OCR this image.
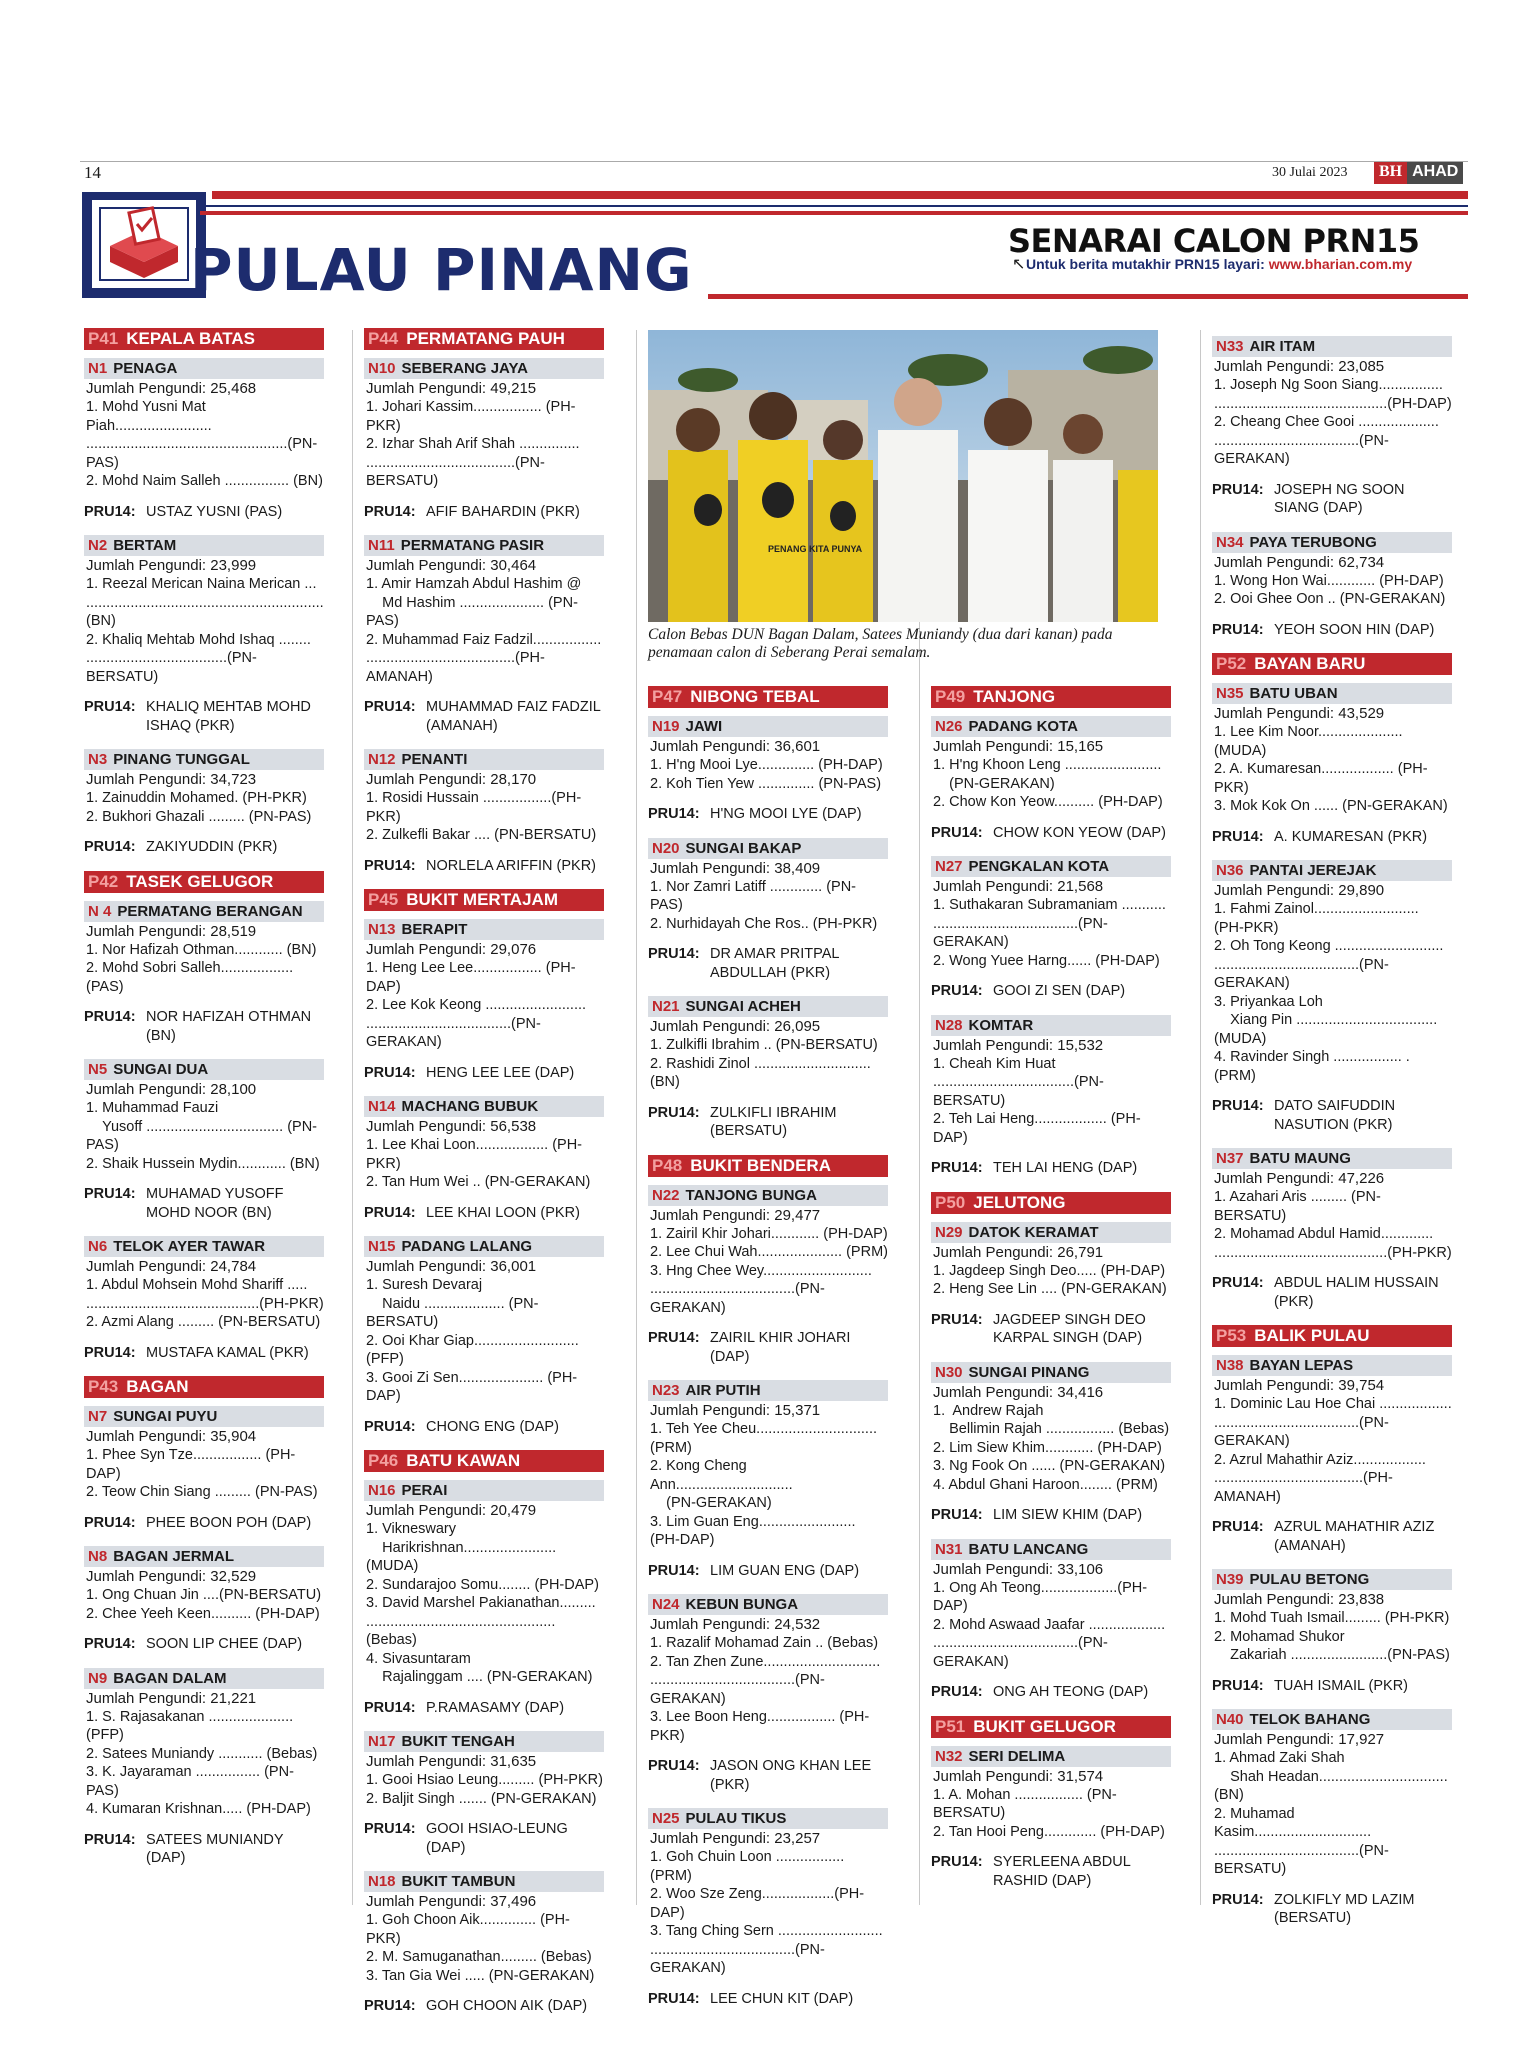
14	30 Julai 2023	BH AHAD
PULAU PINANG	SENARAI CALON PRN15
↖ Untuk berita mutakhir PRN15 layari: www.bharian.com.my
PENANG KITA PUNYA
Calon Bebas DUN Bagan Dalam, Satees Muniandy (dua dari kanan) pada penamaan calon di Seberang Perai semalam.
P41 KEPALA BATAS
N1 PENAGA
Jumlah Pengundi: 25,468
1. Mohd Yusni Mat Piah........................
..................................................(PN-PAS)
2. Mohd Naim Salleh ................ (BN)
PRU14: USTAZ YUSNI (PAS)
N2 BERTAM
Jumlah Pengundi: 23,999
1. Reezal Merican Naina Merican ...
...........................................................(BN)
2. Khaliq Mehtab Mohd Ishaq ........
...................................(PN-BERSATU)
PRU14: KHALIQ MEHTAB MOHD ISHAQ (PKR)
N3 PINANG TUNGGAL
Jumlah Pengundi: 34,723
1. Zainuddin Mohamed. (PH-PKR)
2. Bukhori Ghazali ......... (PN-PAS)
PRU14: ZAKIYUDDIN (PKR)
P42 TASEK GELUGOR
N 4 PERMATANG BERANGAN
Jumlah Pengundi: 28,519
1. Nor Hafizah Othman............ (BN)
2. Mohd Sobri Salleh..................(PAS)
PRU14: NOR HAFIZAH OTHMAN (BN)
N5 SUNGAI DUA
Jumlah Pengundi: 28,100
1. Muhammad Fauzi
Yusoff .................................. (PN-PAS)
2. Shaik Hussein Mydin............ (BN)
PRU14: MUHAMAD YUSOFF MOHD NOOR (BN)
N6 TELOK AYER TAWAR
Jumlah Pengundi: 24,784
1. Abdul Mohsein Mohd Shariff .....
...........................................(PH-PKR)
2. Azmi Alang ......... (PN-BERSATU)
PRU14: MUSTAFA KAMAL (PKR)
P43 BAGAN
N7 SUNGAI PUYU
Jumlah Pengundi: 35,904
1. Phee Syn Tze................. (PH-DAP)
2. Teow Chin Siang ......... (PN-PAS)
PRU14: PHEE BOON POH (DAP)
N8 BAGAN JERMAL
Jumlah Pengundi: 32,529
1. Ong Chuan Jin ....(PN-BERSATU)
2. Chee Yeeh Keen.......... (PH-DAP)
PRU14: SOON LIP CHEE (DAP)
N9 BAGAN DALAM
Jumlah Pengundi: 21,221
1. S. Rajasakanan ..................... (PFP)
2. Satees Muniandy ........... (Bebas)
3. K. Jayaraman ................ (PN-PAS)
4. Kumaran Krishnan..... (PH-DAP)
PRU14: SATEES MUNIANDY (DAP)
P44 PERMATANG PAUH
N10 SEBERANG JAYA
Jumlah Pengundi: 49,215
1. Johari Kassim................. (PH-PKR)
2. Izhar Shah Arif Shah ...............
.....................................(PN-BERSATU)
PRU14: AFIF BAHARDIN (PKR)
N11 PERMATANG PASIR
Jumlah Pengundi: 30,464
1. Amir Hamzah Abdul Hashim @
Md Hashim ..................... (PN-PAS)
2. Muhammad Faiz Fadzil.................
.....................................(PH-AMANAH)
PRU14: MUHAMMAD FAIZ FADZIL (AMANAH)
N12 PENANTI
Jumlah Pengundi: 28,170
1. Rosidi Hussain .................(PH-PKR)
2. Zulkefli Bakar .... (PN-BERSATU)
PRU14: NORLELA ARIFFIN (PKR)
P45 BUKIT MERTAJAM
N13 BERAPIT
Jumlah Pengundi: 29,076
1. Heng Lee Lee................. (PH-DAP)
2. Lee Kok Keong .........................
....................................(PN-GERAKAN)
PRU14: HENG LEE LEE (DAP)
N14 MACHANG BUBUK
Jumlah Pengundi: 56,538
1. Lee Khai Loon.................. (PH-PKR)
2. Tan Hum Wei .. (PN-GERAKAN)
PRU14: LEE KHAI LOON (PKR)
N15 PADANG LALANG
Jumlah Pengundi: 36,001
1. Suresh Devaraj
Naidu .................... (PN-BERSATU)
2. Ooi Khar Giap.......................... (PFP)
3. Gooi Zi Sen..................... (PH-DAP)
PRU14: CHONG ENG (DAP)
P46 BATU KAWAN
N16 PERAI
Jumlah Pengundi: 20,479
1. Vikneswary
Harikrishnan....................... (MUDA)
2. Sundarajoo Somu........ (PH-DAP)
3. David Marshel Pakianathan.........
...............................................(Bebas)
4. Sivasuntaram
Rajalinggam .... (PN-GERAKAN)
PRU14: P.RAMASAMY (DAP)
N17 BUKIT TENGAH
Jumlah Pengundi: 31,635
1. Gooi Hsiao Leung......... (PH-PKR)
2. Baljit Singh ....... (PN-GERAKAN)
PRU14: GOOI HSIAO-LEUNG (DAP)
N18 BUKIT TAMBUN
Jumlah Pengundi: 37,496
1. Goh Choon Aik.............. (PH-PKR)
2. M. Samuganathan......... (Bebas)
3. Tan Gia Wei ..... (PN-GERAKAN)
PRU14: GOH CHOON AIK (DAP)
P47 NIBONG TEBAL
N19 JAWI
Jumlah Pengundi: 36,601
1. H'ng Mooi Lye.............. (PH-DAP)
2. Koh Tien Yew .............. (PN-PAS)
PRU14: H'NG MOOI LYE (DAP)
N20 SUNGAI BAKAP
Jumlah Pengundi: 38,409
1. Nor Zamri Latiff ............. (PN-PAS)
2. Nurhidayah Che Ros.. (PH-PKR)
PRU14: DR AMAR PRITPAL ABDULLAH (PKR)
N21 SUNGAI ACHEH
Jumlah Pengundi: 26,095
1. Zulkifli Ibrahim .. (PN-BERSATU)
2. Rashidi Zinol ............................. (BN)
PRU14: ZULKIFLI IBRAHIM (BERSATU)
P48 BUKIT BENDERA
N22 TANJONG BUNGA
Jumlah Pengundi: 29,477
1. Zairil Khir Johari............ (PH-DAP)
2. Lee Chui Wah..................... (PRM)
3. Hng Chee Wey...........................
....................................(PN-GERAKAN)
PRU14: ZAIRIL KHIR JOHARI (DAP)
N23 AIR PUTIH
Jumlah Pengundi: 15,371
1. Teh Yee Cheu.............................. (PRM)
2. Kong Cheng Ann.............................
(PN-GERAKAN)
3. Lim Guan Eng........................ (PH-DAP)
PRU14: LIM GUAN ENG (DAP)
N24 KEBUN BUNGA
Jumlah Pengundi: 24,532
1. Razalif Mohamad Zain .. (Bebas)
2. Tan Zhen Zune.............................
....................................(PN-GERAKAN)
3. Lee Boon Heng................. (PH-PKR)
PRU14: JASON ONG KHAN LEE (PKR)
N25 PULAU TIKUS
Jumlah Pengundi: 23,257
1. Goh Chuin Loon ................. (PRM)
2. Woo Sze Zeng..................(PH-DAP)
3. Tang Ching Sern ..........................
....................................(PN-GERAKAN)
PRU14: LEE CHUN KIT (DAP)
P49 TANJONG
N26 PADANG KOTA
Jumlah Pengundi: 15,165
1. H'ng Khoon Leng ........................
(PN-GERAKAN)
2. Chow Kon Yeow.......... (PH-DAP)
PRU14: CHOW KON YEOW (DAP)
N27 PENGKALAN KOTA
Jumlah Pengundi: 21,568
1. Suthakaran Subramaniam ...........
....................................(PN-GERAKAN)
2. Wong Yuee Harng...... (PH-DAP)
PRU14: GOOI ZI SEN (DAP)
N28 KOMTAR
Jumlah Pengundi: 15,532
1. Cheah Kim Huat
...................................(PN- BERSATU)
2. Teh Lai Heng.................. (PH-DAP)
PRU14: TEH LAI HENG (DAP)
P50 JELUTONG
N29 DATOK KERAMAT
Jumlah Pengundi: 26,791
1. Jagdeep Singh Deo..... (PH-DAP)
2. Heng See Lin .... (PN-GERAKAN)
PRU14: JAGDEEP SINGH DEO KARPAL SINGH (DAP)
N30 SUNGAI PINANG
Jumlah Pengundi: 34,416
1.  Andrew Rajah
Bellimin Rajah ................. (Bebas)
2. Lim Siew Khim............ (PH-DAP)
3. Ng Fook On ...... (PN-GERAKAN)
4. Abdul Ghani Haroon........ (PRM)
PRU14: LIM SIEW KHIM (DAP)
N31 BATU LANCANG
Jumlah Pengundi: 33,106
1. Ong Ah Teong...................(PH-DAP)
2. Mohd Aswaad Jaafar ...................
....................................(PN-GERAKAN)
PRU14: ONG AH TEONG (DAP)
P51 BUKIT GELUGOR
N32 SERI DELIMA
Jumlah Pengundi: 31,574
1. A. Mohan ................. (PN-BERSATU)
2. Tan Hooi Peng............. (PH-DAP)
PRU14: SYERLEENA ABDUL RASHID (DAP)
N33 AIR ITAM
Jumlah Pengundi: 23,085
1. Joseph Ng Soon Siang................
...........................................(PH-DAP)
2. Cheang Chee Gooi ....................
....................................(PN-GERAKAN)
PRU14: JOSEPH NG SOON SIANG (DAP)
N34 PAYA TERUBONG
Jumlah Pengundi: 62,734
1. Wong Hon Wai............ (PH-DAP)
2. Ooi Ghee Oon .. (PN-GERAKAN)
PRU14: YEOH SOON HIN (DAP)
P52 BAYAN BARU
N35 BATU UBAN
Jumlah Pengundi: 43,529
1. Lee Kim Noor..................... (MUDA)
2. A. Kumaresan.................. (PH-PKR)
3. Mok Kok On ...... (PN-GERAKAN)
PRU14: A. KUMARESAN (PKR)
N36 PANTAI JEREJAK
Jumlah Pengundi: 29,890
1. Fahmi Zainol.......................... (PH-PKR)
2. Oh Tong Keong ...........................
....................................(PN-GERAKAN)
3. Priyankaa Loh
Xiang Pin ...................................(MUDA)
4. Ravinder Singh ................. . (PRM)
PRU14: DATO SAIFUDDIN NASUTION (PKR)
N37 BATU MAUNG
Jumlah Pengundi: 47,226
1. Azahari Aris ......... (PN-BERSATU)
2. Mohamad Abdul Hamid.............
...........................................(PH-PKR)
PRU14: ABDUL HALIM HUSSAIN (PKR)
P53 BALIK PULAU
N38 BAYAN LEPAS
Jumlah Pengundi: 39,754
1. Dominic Lau Hoe Chai ..................
....................................(PN-GERAKAN)
2. Azrul Mahathir Aziz..................
.....................................(PH-AMANAH)
PRU14: AZRUL MAHATHIR AZIZ (AMANAH)
N39 PULAU BETONG
Jumlah Pengundi: 23,838
1. Mohd Tuah Ismail......... (PH-PKR)
2. Mohamad Shukor
Zakariah ........................(PN-PAS)
PRU14: TUAH ISMAIL (PKR)
N40 TELOK BAHANG
Jumlah Pengundi: 17,927
1. Ahmad Zaki Shah
Shah Headan................................ (BN)
2. Muhamad Kasim.............................
....................................(PN-BERSATU)
PRU14: ZOLKIFLY MD LAZIM (BERSATU)
